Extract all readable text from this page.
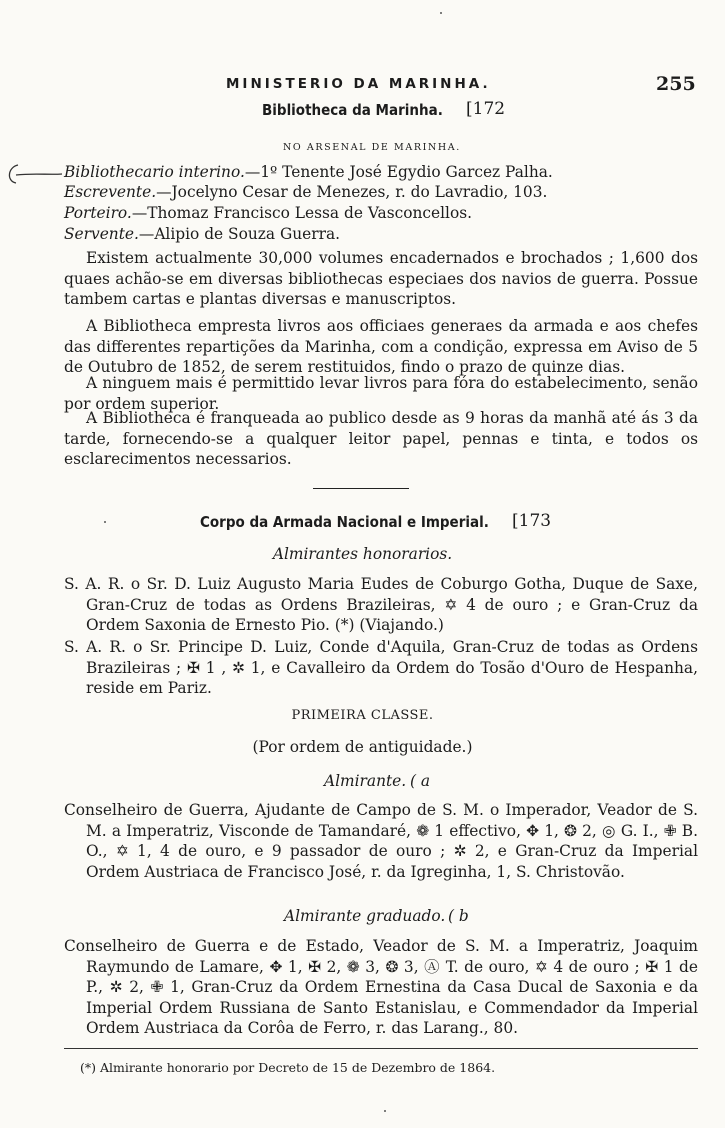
MINISTERIO DA MARINHA.	255
Bibliotheca da Marinha. [172
NO ARSENAL DE MARINHA.
Bibliothecario interino.—1º Tenente José Egydio Garcez Palha.
Escrevente.—Jocelyno Cesar de Menezes, r. do Lavradio, 103.
Porteiro.—Thomaz Francisco Lessa de Vasconcellos.
Servente.—Alipio de Souza Guerra.
Existem actualmente 30,000 volumes encadernados e brochados ; 1,600 dos quaes achão-se em diversas bibliothecas especiaes dos navios de guerra. Possue tambem cartas e plantas diversas e manuscriptos.
A Bibliotheca empresta livros aos officiaes generaes da armada e aos chefes das differentes repartições da Marinha, com a condição, expressa em Aviso de 5 de Outubro de 1852, de serem restituidos, findo o prazo de quinze dias.
A ninguem mais é permittido levar livros para fóra do estabelecimento, senão por ordem superior.
A Bibliotheca é franqueada ao publico desde as 9 horas da manhã até ás 3 da tarde, fornecendo-se a qualquer leitor papel, pennas e tinta, e todos os esclarecimentos necessarios.
Corpo da Armada Nacional e Imperial. [173
Almirantes honorarios.
S. A. R. o Sr. D. Luiz Augusto Maria Eudes de Coburgo Gotha, Duque de Saxe, Gran-Cruz de todas as Ordens Brazileiras, ✡ 4 de ouro ; e Gran-Cruz da Ordem Saxonia de Ernesto Pio. (*) (Viajando.)
S. A. R. o Sr. Principe D. Luiz, Conde d'Aquila, Gran-Cruz de todas as Ordens Brazileiras ; ✠ 1 , ✲ 1, e Cavalleiro da Ordem do Tosão d'Ouro de Hespanha, reside em Pariz.
PRIMEIRA CLASSE.
(Por ordem de antiguidade.)
Almirante. ( a
Conselheiro de Guerra, Ajudante de Campo de S. M. o Imperador, Veador de S. M. a Imperatriz, Visconde de Tamandaré, ❁ 1 effectivo, ✥ 1, ❂ 2, ◎ G. I., ✙ B. O., ✡ 1, 4 de ouro, e 9 passador de ouro ; ✲ 2, e Gran-Cruz da Imperial Ordem Austriaca de Francisco José, r. da Igreginha, 1, S. Christovão.
Almirante graduado. ( b
Conselheiro de Guerra e de Estado, Veador de S. M. a Imperatriz, Joaquim Raymundo de Lamare, ✥ 1, ✠ 2, ❁ 3, ❂ 3, Ⓐ T. de ouro, ✡ 4 de ouro ; ✠ 1 de P., ✲ 2, ✙ 1, Gran-Cruz da Ordem Ernestina da Casa Ducal de Saxonia e da Imperial Ordem Russiana de Santo Estanislau, e Commendador da Imperial Ordem Austriaca da Corôa de Ferro, r. das Larang., 80.
(*) Almirante honorario por Decreto de 15 de Dezembro de 1864.
